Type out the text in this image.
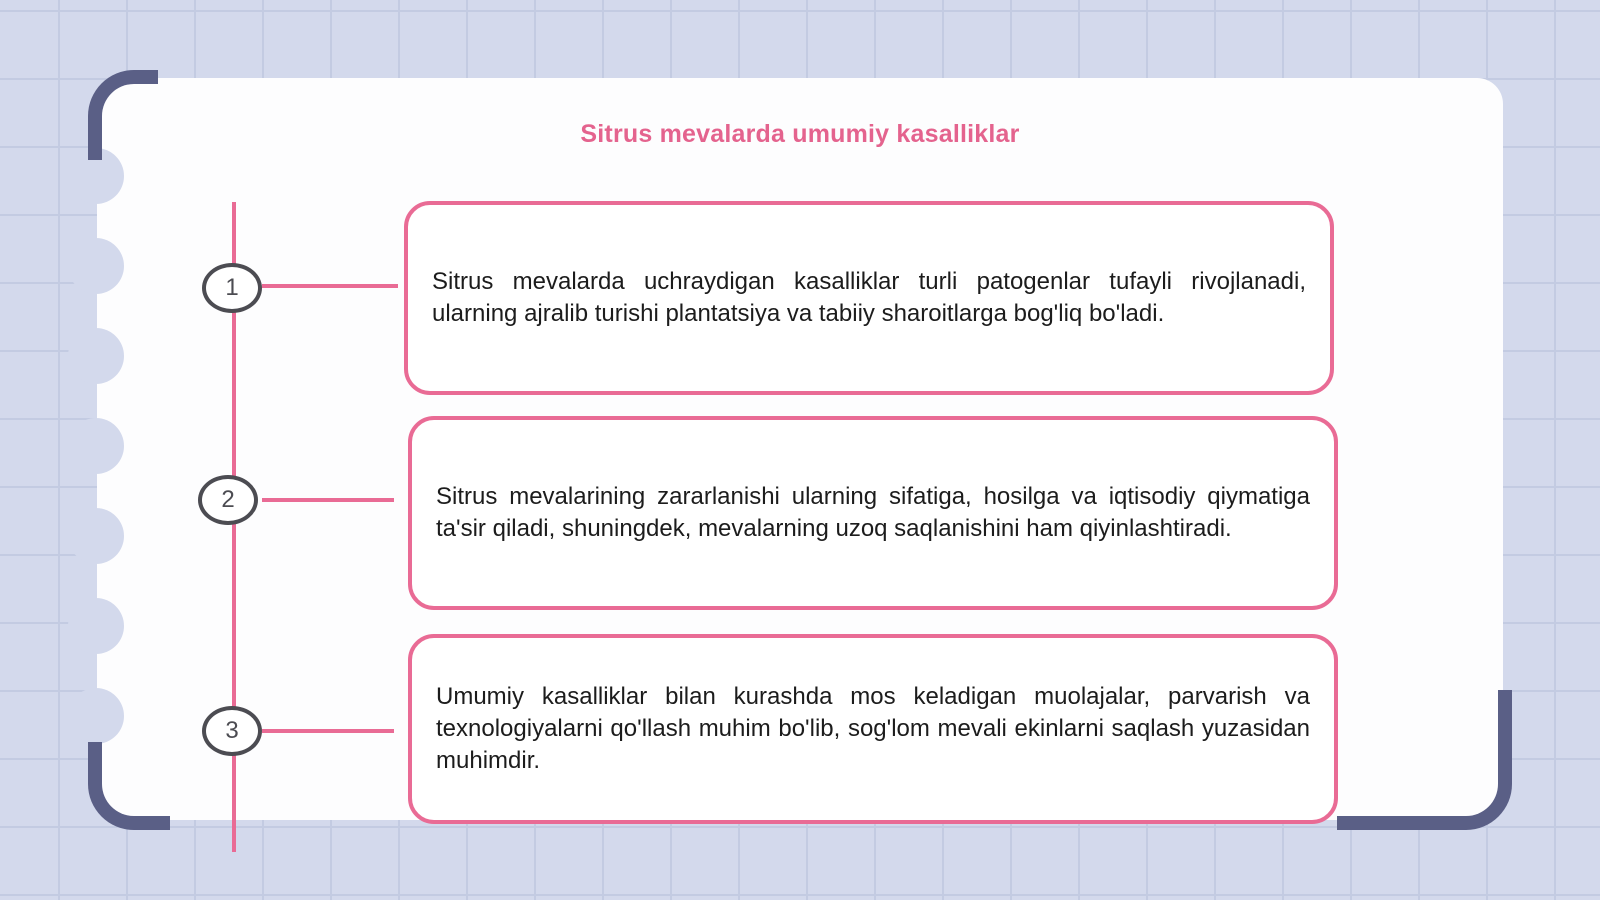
Sitrus mevalarda umumiy kasalliklar
1	Sitrus mevalarda uchraydigan kasalliklar turli patogenlar tufayli rivojlanadi, ularning ajralib turishi plantatsiya va tabiiy sharoitlarga bog'liq bo'ladi.

2	Sitrus mevalarining zararlanishi ularning sifatiga, hosilga va iqtisodiy qiymatiga ta'sir qiladi, shuningdek, mevalarning uzoq saqlanishini ham qiyinlashtiradi.

3

Umumiy kasalliklar bilan kurashda mos keladigan muolajalar, parvarish va texnologiyalarni qo'llash muhim bo'lib, sog'lom mevali ekinlarni saqlash yuzasidan muhimdir.
